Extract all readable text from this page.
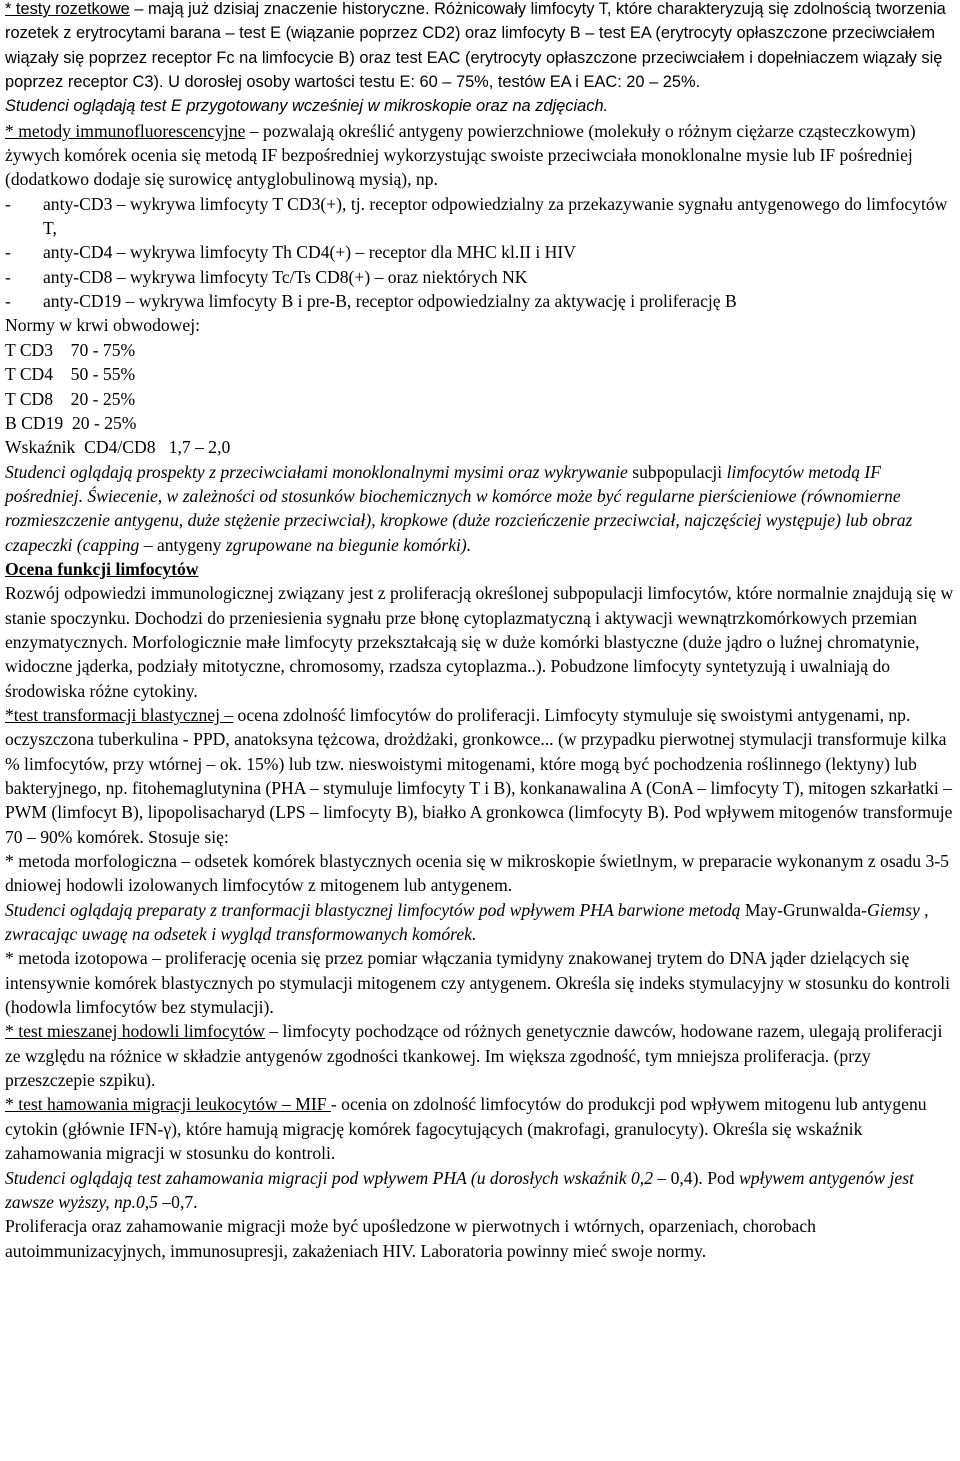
* testy rozetkowe – mają już dzisiaj znaczenie historyczne. Różnicowały limfocyty T, które charakteryzują się zdolnością tworzenia rozetek z erytrocytami barana – test E (wiązanie poprzez CD2) oraz limfocyty B – test EA (erytrocyty opłaszczone przeciwciałem wiązały się poprzez receptor Fc na limfocycie B) oraz test EAC (erytrocyty opłaszczone przeciwciałem i dopełniaczem wiązały się poprzez receptor C3). U dorosłej osoby wartości testu E: 60 – 75%, testów EA i EAC: 20 – 25%.

Studenci oglądają test E przygotowany wcześniej w mikroskopie oraz na zdjęciach.

* metody immunofluorescencyjne – pozwalają określić antygeny powierzchniowe (molekuły o różnym ciężarze cząsteczkowym) żywych komórek ocenia się metodą IF bezpośredniej wykorzystując swoiste przeciwciała monoklonalne mysie lub IF pośredniej (dodatkowo dodaje się surowicę antyglobulinową mysią), np.

-	anty-CD3 – wykrywa limfocyty T CD3(+), tj. receptor odpowiedzialny za przekazywanie sygnału antygenowego do limfocytów T,
-	anty-CD4 – wykrywa limfocyty Th CD4(+) – receptor dla MHC kl.II i HIV
-	anty-CD8 – wykrywa limfocyty Tc/Ts CD8(+) – oraz niektórych NK
-	anty-CD19 – wykrywa limfocyty B i pre-B, receptor odpowiedzialny za aktywację i proliferację B

Normy w krwi obwodowej:

T CD3    70 - 75%

T CD4    50 - 55%

T CD8    20 - 25%

B CD19  20 - 25%

Wskaźnik  CD4/CD8   1,7 – 2,0

Studenci oglądają prospekty z przeciwciałami monoklonalnymi mysimi oraz wykrywanie subpopulacji limfocytów metodą IF pośredniej. Świecenie, w zależności od stosunków biochemicznych w komórce może być regularne pierścieniowe (równomierne rozmieszczenie antygenu, duże stężenie przeciwciał), kropkowe (duże rozcieńczenie przeciwciał, najczęściej występuje) lub obraz czapeczki (capping – antygeny zgrupowane na biegunie komórki).

Ocena funkcji limfocytów

Rozwój odpowiedzi immunologicznej związany jest z proliferacją określonej subpopulacji limfocytów, które normalnie znajdują się w stanie spoczynku. Dochodzi do przeniesienia sygnału prze błonę cytoplazmatyczną i aktywacji wewnątrzkomórkowych przemian enzymatycznych. Morfologicznie małe limfocyty przekształcają się w duże komórki blastyczne (duże jądro o luźnej chromatynie, widoczne jąderka, podziały mitotyczne, chromosomy, rzadsza cytoplazma..). Pobudzone limfocyty syntetyzują i uwalniają do środowiska różne cytokiny.

*test transformacji blastycznej – ocena zdolność limfocytów do proliferacji. Limfocyty stymuluje się swoistymi antygenami, np. oczyszczona tuberkulina - PPD, anatoksyna tężcowa, drożdżaki, gronkowce... (w przypadku pierwotnej stymulacji transformuje kilka % limfocytów, przy wtórnej – ok. 15%) lub tzw. nieswoistymi mitogenami, które mogą być pochodzenia roślinnego (lektyny) lub bakteryjnego, np. fitohemaglutynina (PHA – stymuluje limfocyty T i B), konkanawalina A (ConA – limfocyty T), mitogen szkarłatki –PWM (limfocyt B), lipopolisacharyd (LPS – limfocyty B), białko A gronkowca (limfocyty B). Pod wpływem mitogenów transformuje 70 – 90% komórek. Stosuje się:

* metoda morfologiczna – odsetek komórek blastycznych ocenia się w mikroskopie świetlnym, w preparacie wykonanym z osadu 3-5 dniowej hodowli izolowanych limfocytów z mitogenem lub antygenem.

Studenci oglądają preparaty z tranformacji blastycznej limfocytów pod wpływem PHA barwione metodą May-Grunwalda-Giemsy , zwracając uwagę na odsetek i wygląd transformowanych komórek.

* metoda izotopowa – proliferację ocenia się przez pomiar włączania tymidyny znakowanej trytem do DNA jąder dzielących się intensywnie komórek blastycznych po stymulacji mitogenem czy antygenem. Określa się indeks stymulacyjny w stosunku do kontroli (hodowla limfocytów bez stymulacji).

* test mieszanej hodowli limfocytów – limfocyty pochodzące od różnych genetycznie dawców, hodowane razem, ulegają proliferacji ze względu na różnice w składzie antygenów zgodności tkankowej. Im większa zgodność, tym mniejsza proliferacja. (przy przeszczepie szpiku).

* test hamowania migracji leukocytów – MIF - ocenia on zdolność limfocytów do produkcji pod wpływem mitogenu lub antygenu cytokin (głównie IFN-γ), które hamują migrację komórek fagocytujących (makrofagi, granulocyty). Określa się wskaźnik zahamowania migracji w stosunku do kontroli.

Studenci oglądają test zahamowania migracji pod wpływem PHA (u dorosłych wskaźnik 0,2 – 0,4). Pod wpływem antygenów jest zawsze wyższy, np.0,5 –0,7.

Proliferacja oraz zahamowanie migracji może być upośledzone w pierwotnych i wtórnych, oparzeniach, chorobach autoimmunizacyjnych, immunosupresji, zakażeniach HIV. Laboratoria powinny mieć swoje normy.
